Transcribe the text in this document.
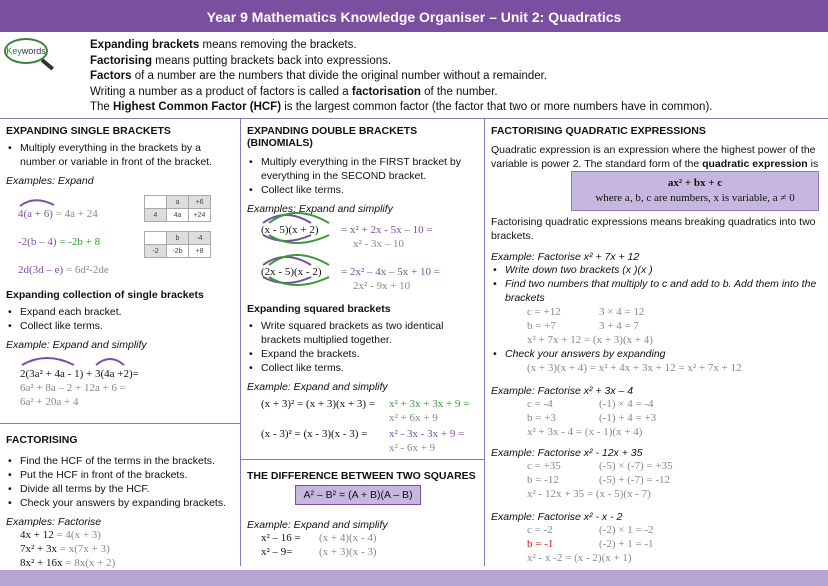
Year 9 Mathematics Knowledge Organiser – Unit 2: Quadratics
Keywords	Expanding brackets means removing the brackets.
Factorising means putting brackets back into expressions.
Factors of a number are the numbers that divide the original number without a remainder.
Writing a number as a product of factors is called a factorisation of the number.
The Highest Common Factor (HCF) is the largest common factor (the factor that two or more numbers have in common).
EXPANDING SINGLE BRACKETS
• Multiply everything in the brackets by a number or variable in front of the bracket.
Examples: Expand
4(a + 6) = 4a + 24
-2(b – 4) = -2b + 8
2d(3d – e) = 6d²-2de
	a	+6
4	4a	+24
	b	-4
-2	-2b	+8
Expanding collection of single brackets
• Expand each bracket.
• Collect like terms.
Example: Expand and simplify
2(3a² + 4a - 1) + 3(4a +2)=
6a² + 8a – 2 + 12a + 6 =
6a² + 20a + 4
FACTORISING
• Find the HCF of the terms in the brackets.
• Put the HCF in front of the brackets.
• Divide all terms by the HCF.
• Check your answers by expanding brackets.
Examples: Factorise
4x + 12 = 4(x + 3)
7x² + 3x = x(7x + 3)
8x² + 16x = 8x(x + 2)
EXPANDING DOUBLE BRACKETS (BINOMIALS)
• Multiply everything in the FIRST bracket by everything in the SECOND bracket.
• Collect like terms.
Examples: Expand and simplify
(x - 5)(x + 2) = x² + 2x - 5x – 10 =
x² - 3x – 10
(2x - 5)(x - 2) = 2x² – 4x – 5x + 10 =
2x² - 9x + 10
Expanding squared brackets
• Write squared brackets as two identical brackets multiplied together.
• Expand the brackets.
• Collect like terms.
Example: Expand and simplify
(x + 3)² = (x + 3)(x + 3) = x² + 3x + 3x + 9 =
x² + 6x + 9
(x - 3)² = (x - 3)(x - 3) = x² - 3x - 3x + 9 =
x² - 6x + 9
THE DIFFERENCE BETWEEN TWO SQUARES
A² – B² = (A + B)(A – B)
Example: Expand and simplify
x² – 16 = (x + 4)(x - 4)
x² – 9= (x + 3)(x - 3)
FACTORISING QUADRATIC EXPRESSIONS
Quadratic expression is an expression where the highest power of the variable is power 2. The standard form of the quadratic expression is
ax² + bx + c
where a, b, c are numbers, x is variable, a ≠ 0
Factorising quadratic expressions means breaking quadratics into two brackets.
Example: Factorise x² + 7x + 12
• Write down two brackets (x )(x )
• Find two numbers that multiply to c and add to b. Add them into the brackets
c = +12	3 × 4 = 12
b = +7	3 + 4 = 7
x² + 7x + 12 = (x + 3)(x + 4)
• Check your answers by expanding
(x + 3)(x + 4) = x² + 4x + 3x + 12 = x² + 7x + 12
Example: Factorise x² + 3x – 4
c = -4	(-1) × 4 = -4
b = +3	(-1) + 4 = +3
x² + 3x - 4 = (x - 1)(x + 4)
Example: Factorise x² - 12x + 35
c = +35	(-5) × (-7) = +35
b = -12	(-5) + (-7) = -12
x² - 12x + 35 = (x - 5)(x - 7)
Example: Factorise x² - x - 2
c = -2	(-2) × 1 = -2
b = -1	(-2) + 1 = -1
x² - x -2 = (x - 2)(x + 1)
